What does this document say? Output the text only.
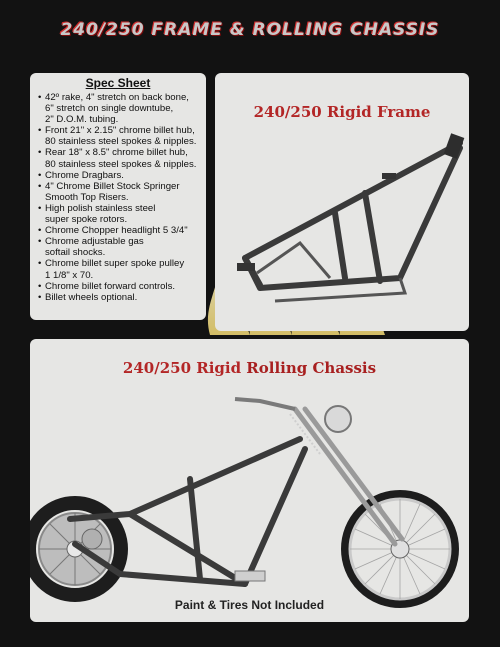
240/250 FRAME & ROLLING CHASSIS
Spec Sheet
• 42º rake, 4" stretch on back bone,
6" stretch on single downtube,
2" D.O.M. tubing.
• Front 21" x 2.15" chrome billet hub,
80 stainless steel spokes & nipples.
• Rear 18" x 8.5" chrome billet hub,
80 stainless steel spokes & nipples.
• Chrome Dragbars.
• 4" Chrome Billet Stock Springer
Smooth Top Risers.
• High polish stainless steel
super spoke rotors.
• Chrome Chopper headlight 5 3/4"
• Chrome adjustable gas
softail shocks.
• Chrome billet super spoke pulley
1 1/8" x 70.
• Chrome billet forward controls.
• Billet wheels optional.
240/250 Rigid Frame
240/250 Rigid Rolling Chassis
Paint & Tires Not Included
